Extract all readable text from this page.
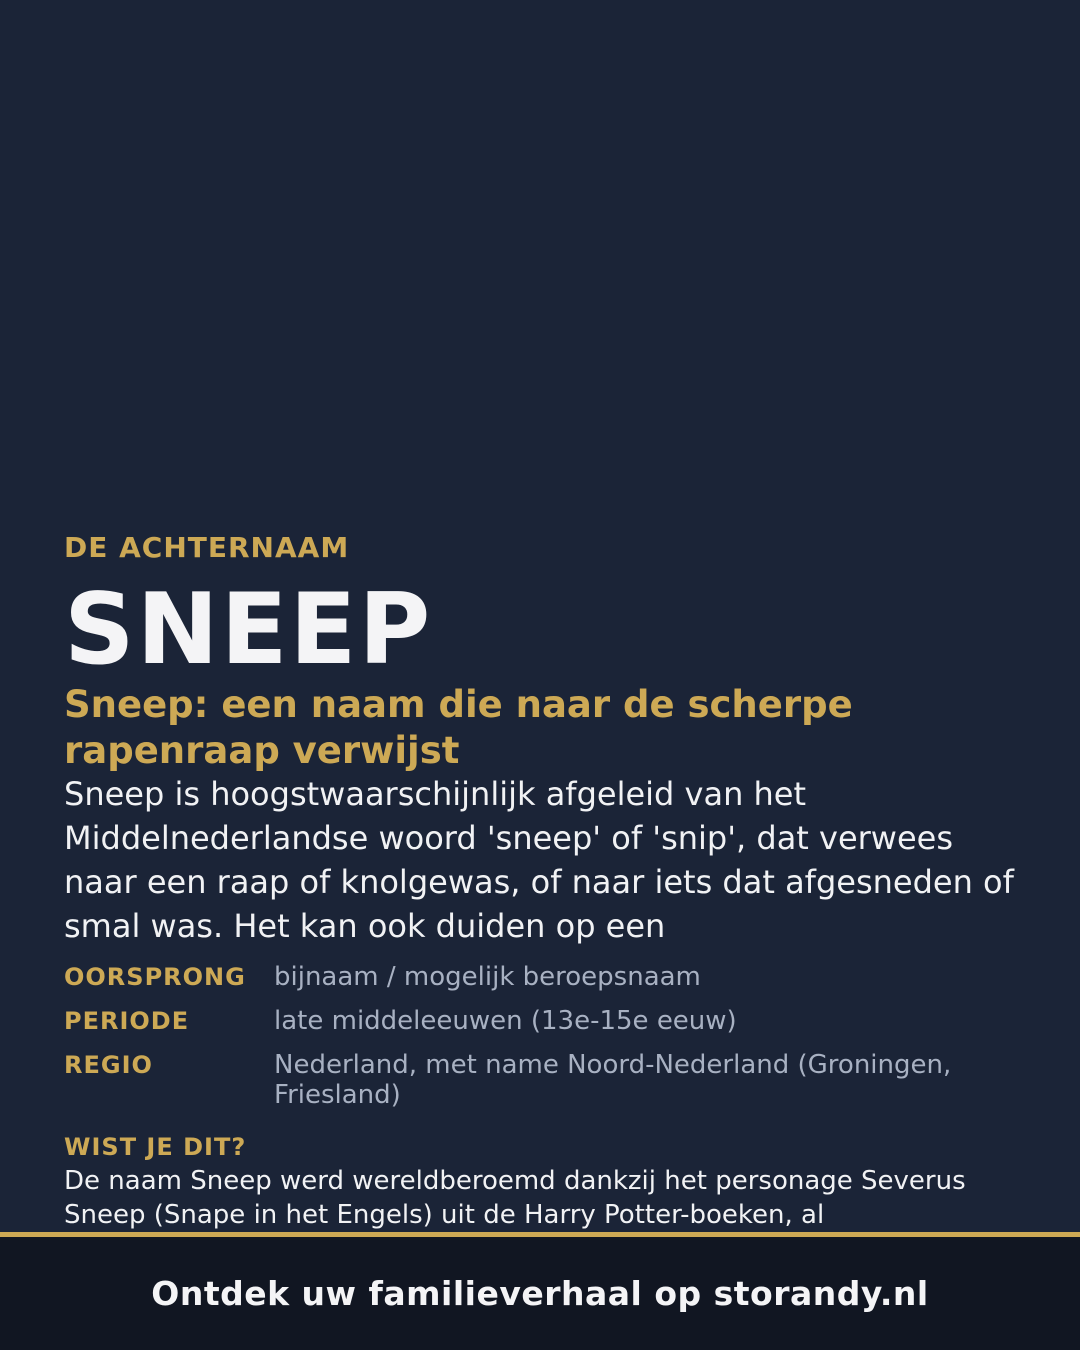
DE ACHTERNAAM

SNEEP
Sneep: een naam die naar de scherpe rapenraap verwijst

Sneep is hoogstwaarschijnlijk afgeleid van het Middelnederlandse woord 'sneep' of 'snip', dat verwees naar een raap of knolgewas, of naar iets dat afgesneden of smal was. Het kan ook duiden op een

OORSPRONG	bijnaam / mogelijk beroepsnaam
PERIODE	late middeleeuwen (13e-15e eeuw)
REGIO	Nederland, met name Noord-Nederland (Groningen, Friesland)

WIST JE DIT?

De naam Sneep werd wereldberoemd dankzij het personage Severus Sneep (Snape in het Engels) uit de Harry Potter-boeken, al

Ontdek uw familieverhaal op storandy.nl
